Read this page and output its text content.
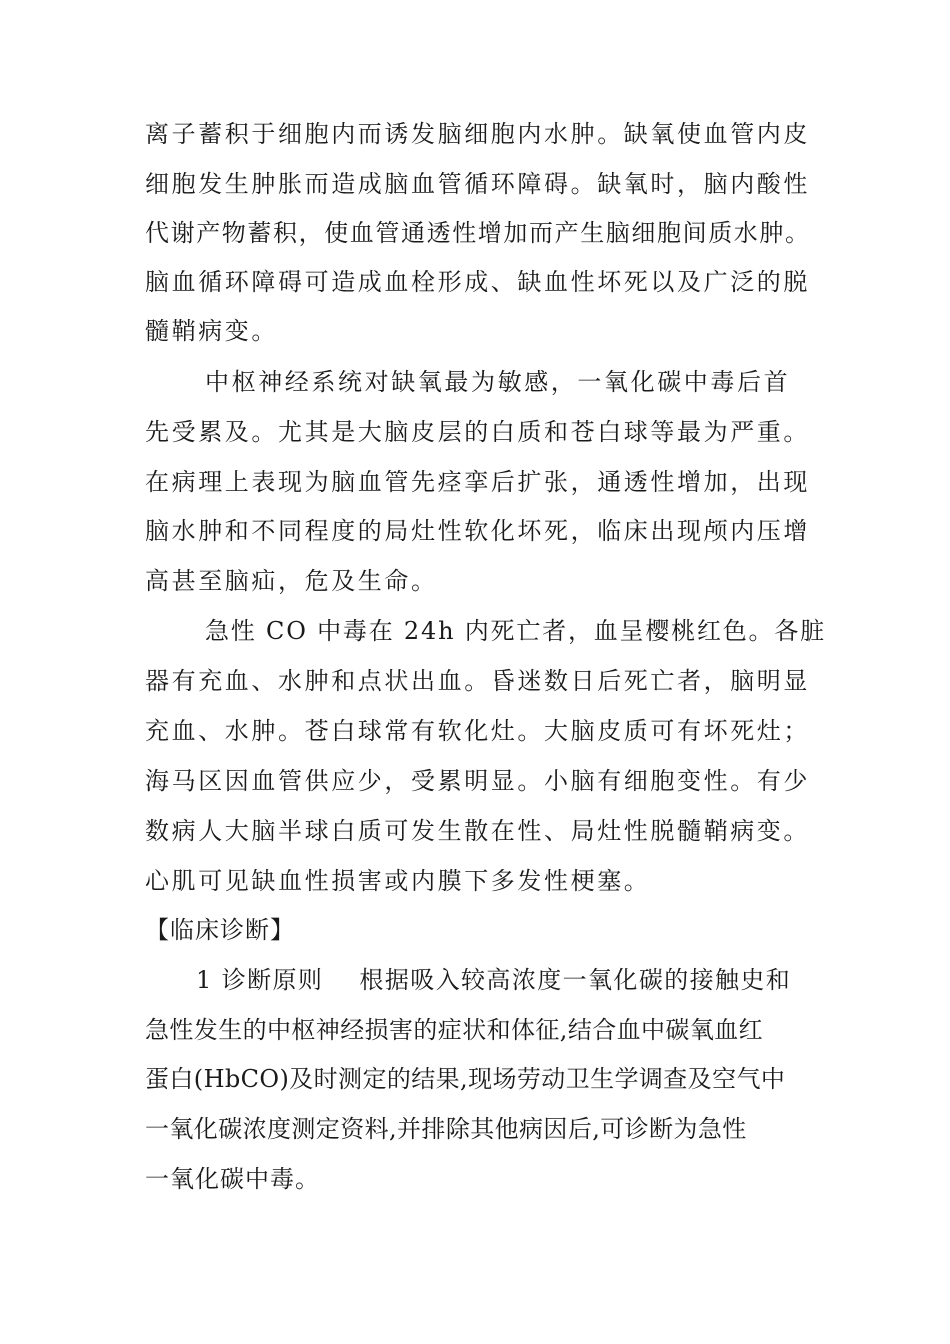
离子蓄积于细胞内而诱发脑细胞内水肿。缺氧使血管内皮
细胞发生肿胀而造成脑血管循环障碍。缺氧时，脑内酸性
代谢产物蓄积，使血管通透性增加而产生脑细胞间质水肿。
脑血循环障碍可造成血栓形成、缺血性坏死以及广泛的脱
髓鞘病变。
中枢神经系统对缺氧最为敏感，一氧化碳中毒后首
先受累及。尤其是大脑皮层的白质和苍白球等最为严重。
在病理上表现为脑血管先痉挛后扩张，通透性增加，出现
脑水肿和不同程度的局灶性软化坏死，临床出现颅内压增
高甚至脑疝，危及生命。
急性 CO 中毒在 24h 内死亡者，血呈樱桃红色。各脏
器有充血、水肿和点状出血。昏迷数日后死亡者，脑明显
充血、水肿。苍白球常有软化灶。大脑皮质可有坏死灶；
海马区因血管供应少，受累明显。小脑有细胞变性。有少
数病人大脑半球白质可发生散在性、局灶性脱髓鞘病变。
心肌可见缺血性损害或内膜下多发性梗塞。
【临床诊断】
1 诊断原则    根据吸入较高浓度一氧化碳的接触史和
急性发生的中枢神经损害的症状和体征,结合血中碳氧血红
蛋白(HbCO)及时测定的结果,现场劳动卫生学调查及空气中
一氧化碳浓度测定资料,并排除其他病因后,可诊断为急性
一氧化碳中毒。
